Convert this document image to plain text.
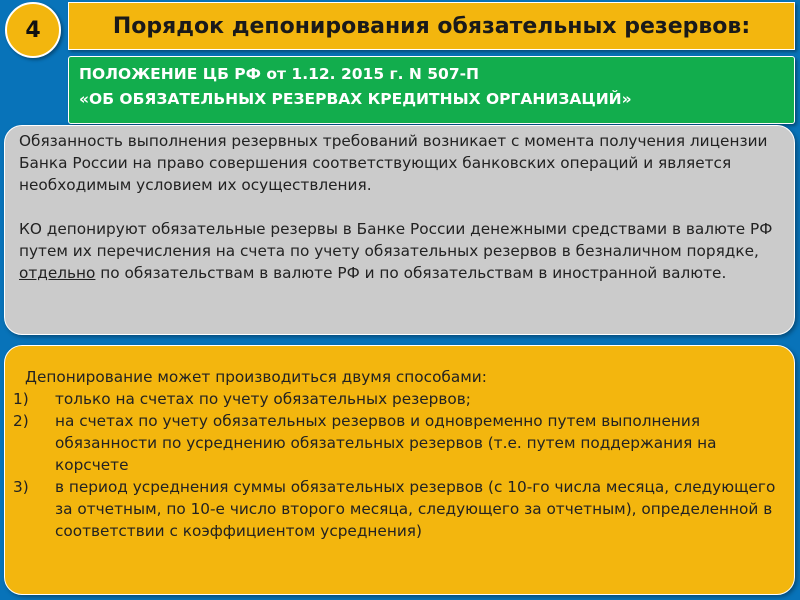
4	Порядок депонирования обязательных резервов:
ПОЛОЖЕНИЕ ЦБ РФ от 1.12. 2015 г. N 507-П
«ОБ ОБЯЗАТЕЛЬНЫХ РЕЗЕРВАХ КРЕДИТНЫХ ОРГАНИЗАЦИЙ»

Обязанность выполнения резервных требований возникает с момента получения лицензии Банка России на право совершения соответствующих банковских операций и является необходимым условием их осуществления.

КО депонируют обязательные резервы в Банке России денежными средствами в валюте РФ путем их перечисления на счета по учету обязательных резервов в безналичном порядке, отдельно по обязательствам в валюте РФ и по обязательствам в иностранной валюте.

Депонирование может производиться двумя способами:

1)	только на счетах по учету обязательных резервов;
2)	на счетах по учету обязательных резервов и одновременно путем выполнения обязанности по усреднению обязательных резервов (т.е. путем поддержания на корсчете
3)	в период усреднения суммы обязательных резервов (с 10-го числа месяца, следующего за отчетным, по 10-е число второго месяца, следующего за отчетным), определенной в соответствии с коэффициентом усреднения)
